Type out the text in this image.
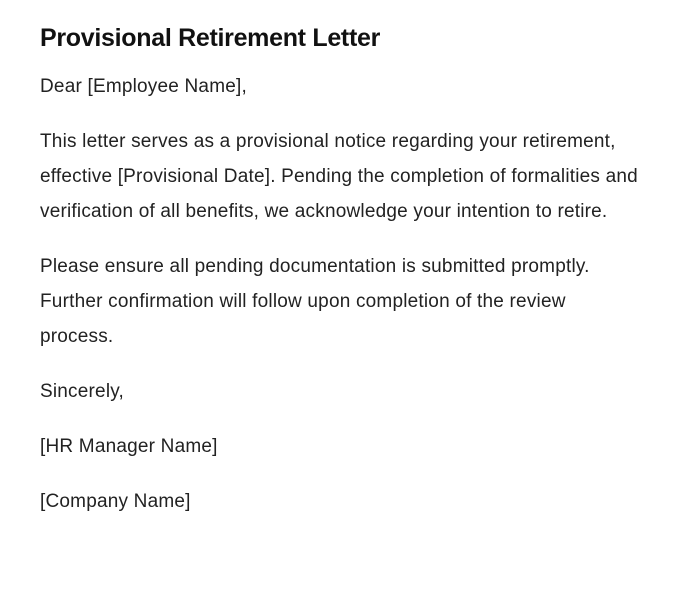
Provisional Retirement Letter

Dear [Employee Name],

This letter serves as a provisional notice regarding your retirement, effective [Provisional Date]. Pending the completion of formalities and verification of all benefits, we acknowledge your intention to retire.

Please ensure all pending documentation is submitted promptly. Further confirmation will follow upon completion of the review process.

Sincerely,

[HR Manager Name]

[Company Name]
